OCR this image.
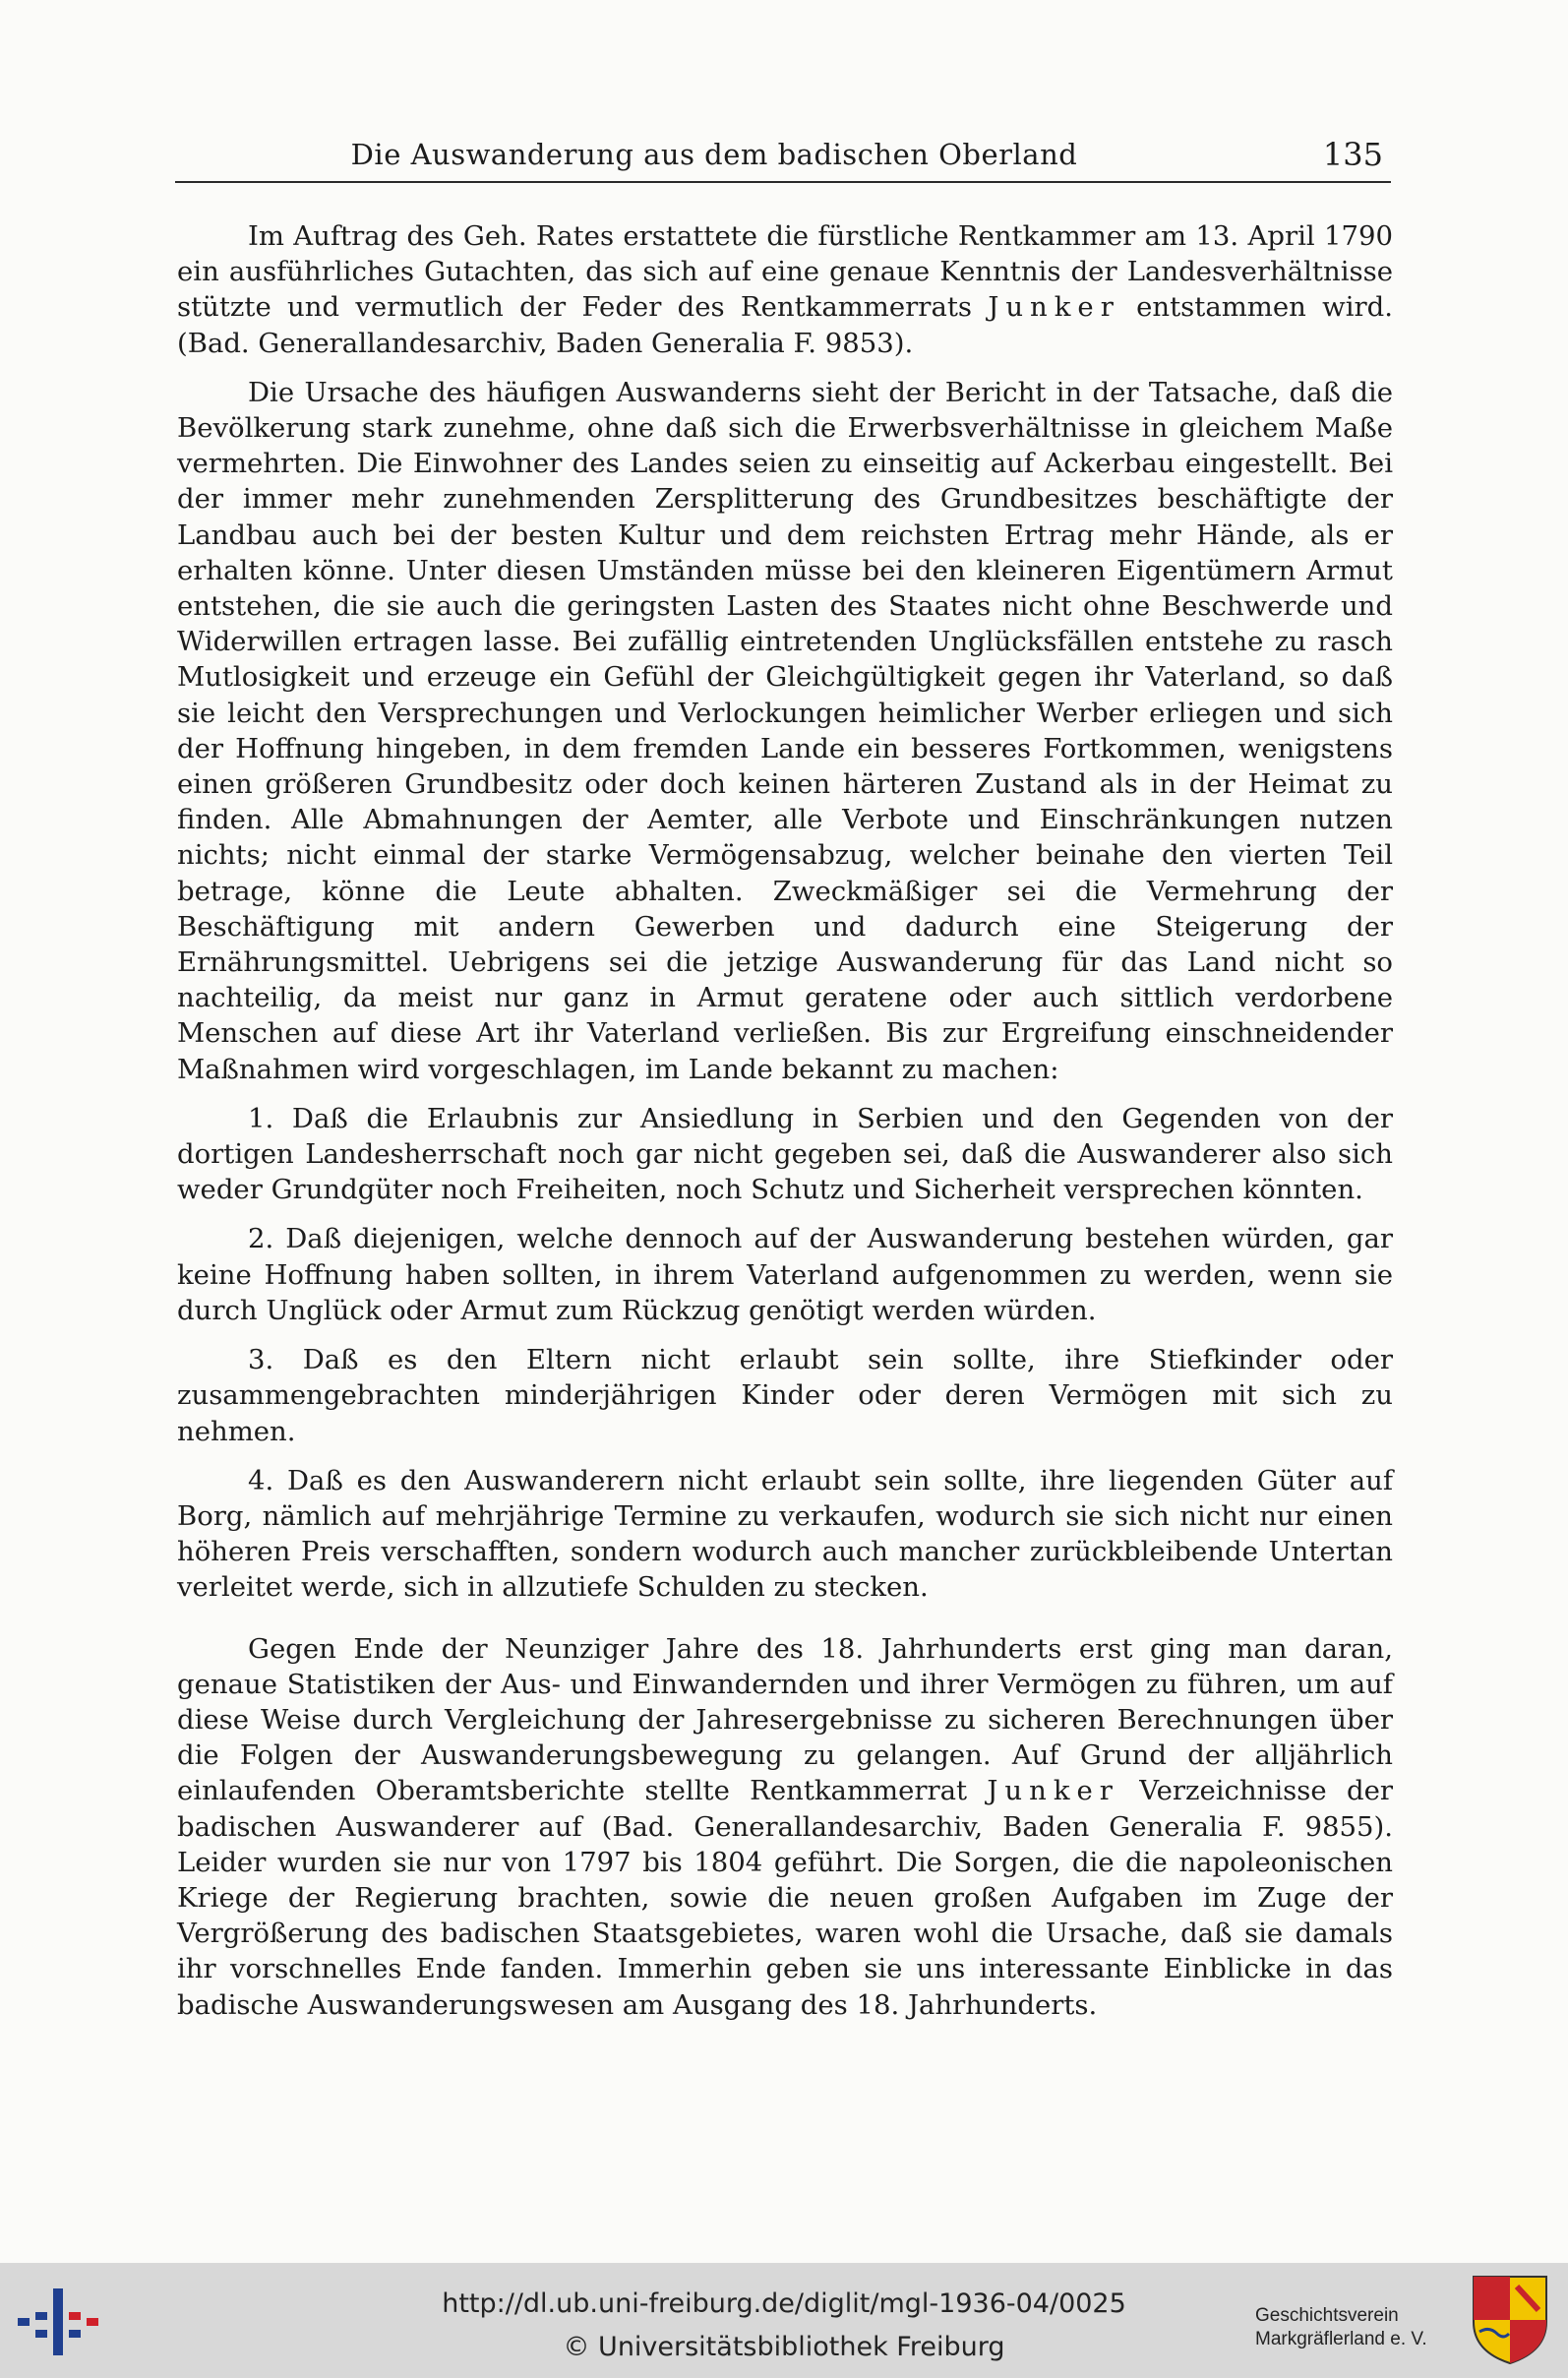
Die Auswanderung aus dem badischen Oberland	135

Im Auftrag des Geh. Rates erstattete die fürstliche Rentkammer am 13. April 1790 ein ausführliches Gutachten, das sich auf eine genaue Kenntnis der Landesverhältnisse stützte und vermutlich der Feder des Rentkammerrats Junker entstammen wird. (Bad. Generallandesarchiv, Baden Generalia F. 9853).

Die Ursache des häufigen Auswanderns sieht der Bericht in der Tatsache, daß die Bevölkerung stark zunehme, ohne daß sich die Erwerbsverhältnisse in gleichem Maße vermehrten. Die Einwohner des Landes seien zu einseitig auf Ackerbau eingestellt. Bei der immer mehr zunehmenden Zersplitterung des Grundbesitzes beschäftigte der Landbau auch bei der besten Kultur und dem reichsten Ertrag mehr Hände, als er erhalten könne. Unter diesen Umständen müsse bei den kleineren Eigentümern Armut entstehen, die sie auch die geringsten Lasten des Staates nicht ohne Beschwerde und Widerwillen ertragen lasse. Bei zufällig eintretenden Unglücksfällen entstehe zu rasch Mutlosigkeit und erzeuge ein Gefühl der Gleichgültigkeit gegen ihr Vaterland, so daß sie leicht den Versprechungen und Verlockungen heimlicher Werber erliegen und sich der Hoffnung hingeben, in dem fremden Lande ein besseres Fortkommen, wenigstens einen größeren Grundbesitz oder doch keinen härteren Zustand als in der Heimat zu finden. Alle Abmahnungen der Aemter, alle Verbote und Einschränkungen nutzen nichts; nicht einmal der starke Vermögensabzug, welcher beinahe den vierten Teil betrage, könne die Leute abhalten. Zweckmäßiger sei die Vermehrung der Beschäftigung mit andern Gewerben und dadurch eine Steigerung der Ernährungsmittel. Uebrigens sei die jetzige Auswanderung für das Land nicht so nachteilig, da meist nur ganz in Armut geratene oder auch sittlich verdorbene Menschen auf diese Art ihr Vaterland verließen. Bis zur Ergreifung einschneidender Maßnahmen wird vorgeschlagen, im Lande bekannt zu machen:

1. Daß die Erlaubnis zur Ansiedlung in Serbien und den Gegenden von der dortigen Landesherrschaft noch gar nicht gegeben sei, daß die Auswanderer also sich weder Grundgüter noch Freiheiten, noch Schutz und Sicherheit versprechen könnten.
2. Daß diejenigen, welche dennoch auf der Auswanderung bestehen würden, gar keine Hoffnung haben sollten, in ihrem Vaterland aufgenommen zu werden, wenn sie durch Unglück oder Armut zum Rückzug genötigt werden würden.
3. Daß es den Eltern nicht erlaubt sein sollte, ihre Stiefkinder oder zusammengebrachten minderjährigen Kinder oder deren Vermögen mit sich zu nehmen.
4. Daß es den Auswanderern nicht erlaubt sein sollte, ihre liegenden Güter auf Borg, nämlich auf mehrjährige Termine zu verkaufen, wodurch sie sich nicht nur einen höheren Preis verschafften, sondern wodurch auch mancher zurückbleibende Untertan verleitet werde, sich in allzutiefe Schulden zu stecken.

Gegen Ende der Neunziger Jahre des 18. Jahrhunderts erst ging man daran, genaue Statistiken der Aus- und Einwandernden und ihrer Vermögen zu führen, um auf diese Weise durch Vergleichung der Jahresergebnisse zu sicheren Berechnungen über die Folgen der Auswanderungsbewegung zu gelangen. Auf Grund der alljährlich einlaufenden Oberamtsberichte stellte Rentkammerrat Junker Verzeichnisse der badischen Auswanderer auf (Bad. Generallandesarchiv, Baden Generalia F. 9855). Leider wurden sie nur von 1797 bis 1804 geführt. Die Sorgen, die die napoleonischen Kriege der Regierung brachten, sowie die neuen großen Aufgaben im Zuge der Vergrößerung des badischen Staatsgebietes, waren wohl die Ursache, daß sie damals ihr vorschnelles Ende fanden. Immerhin geben sie uns interessante Einblicke in das badische Auswanderungswesen am Ausgang des 18. Jahrhunderts.

http://dl.ub.uni-freiburg.de/diglit/mgl-1936-04/0025
© Universitätsbibliothek Freiburg
Geschichtsverein
Markgräflerland e. V.
